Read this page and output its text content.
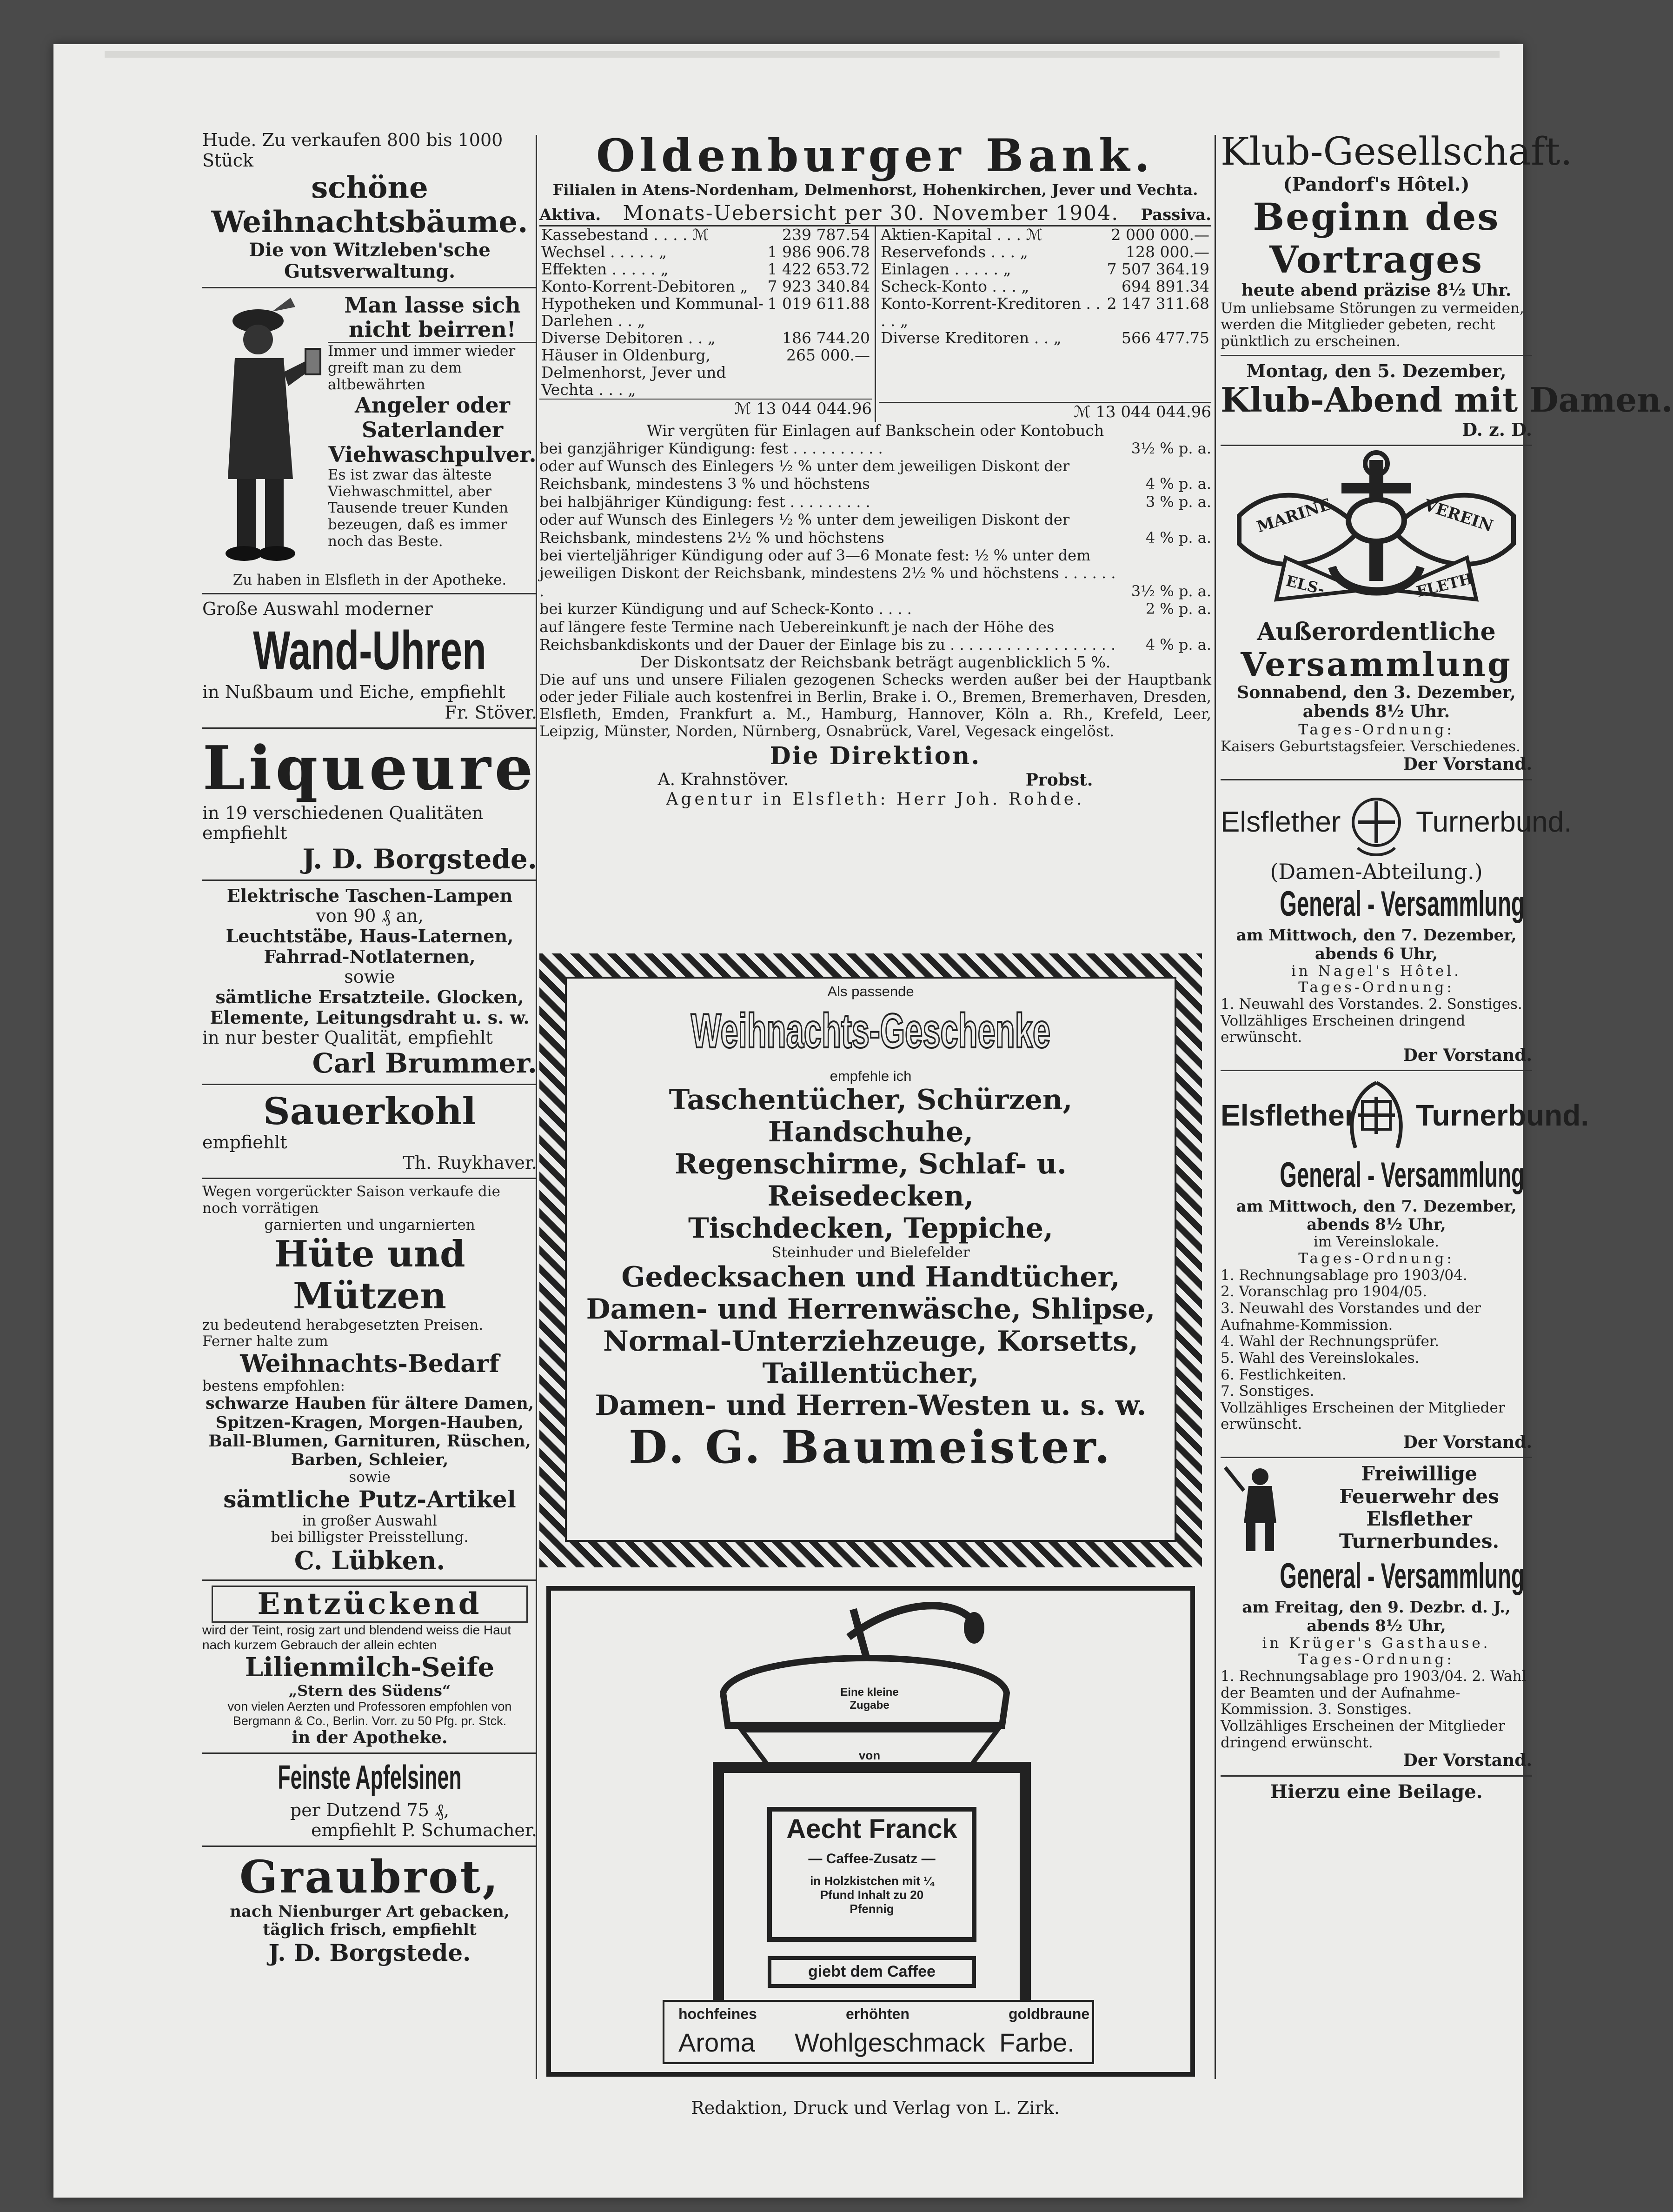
Hude. Zu verkaufen 800 bis 1000 Stück

schöne Weihnachtsbäume.

Die von Witzleben'sche Gutsverwaltung.

Man lasse sich nicht beirren!

Immer und immer wieder greift man zu dem altbewährten

Angeler oder Saterlander Viehwaschpulver.

Es ist zwar das älteste Viehwaschmittel, aber Tausende treuer Kunden bezeugen, daß es immer noch das Beste.

Zu haben in Elsfleth in der Apotheke.

Große Auswahl moderner

Wand-Uhren

in Nußbaum und Eiche, empfiehlt

Fr. Stöver.

Liqueure

in 19 verschiedenen Qualitäten empfiehlt

J. D. Borgstede.

Elektrische Taschen-Lampen

von 90 ₰ an,

Leuchtstäbe, Haus-Laternen, Fahrrad-Notlaternen,

sowie

sämtliche Ersatzteile. Glocken, Elemente, Leitungsdraht u. s. w.

in nur bester Qualität, empfiehlt

Carl Brummer.

Sauerkohl

empfiehlt

Th. Ruykhaver.

Wegen vorgerückter Saison verkaufe die noch vorrätigen

garnierten und ungarnierten

Hüte und Mützen

zu bedeutend herabgesetzten Preisen.

Ferner halte zum

Weihnachts-Bedarf

bestens empfohlen:

schwarze Hauben für ältere Damen, Spitzen-Kragen, Morgen-Hauben, Ball-Blumen, Garnituren, Rüschen, Barben, Schleier,

sowie

sämtliche Putz-Artikel

in großer Auswahl

bei billigster Preisstellung.

C. Lübken.

Entzückend

wird der Teint, rosig zart und blendend weiss die Haut nach kurzem Gebrauch der allein echten

Lilienmilch-Seife

„Stern des Südens“

von vielen Aerzten und Professoren empfohlen von Bergmann & Co., Berlin. Vorr. zu 50 Pfg. pr. Stck.

in der Apotheke.

Feinste Apfelsinen

per Dutzend 75 ₰,

empfiehlt P. Schumacher.

Graubrot,

nach Nienburger Art gebacken, täglich frisch, empfiehlt

J. D. Borgstede.

Oldenburger Bank.

Filialen in Atens-Nordenham, Delmenhorst, Hohenkirchen, Jever und Vechta.

Aktiva. Monats-Uebersicht per 30. November 1904. Passiva.
Kassebestand . . . . ℳ	239 787.54
Wechsel . . . . . „	1 986 906.78
Effekten . . . . . „	1 422 653.72
Konto-Korrent-Debitoren „	7 923 340.84
Hypotheken und Kommunal-Darlehen . . „	1 019 611.88
Diverse Debitoren . . „	186 744.20
Häuser in Oldenburg, Delmenhorst, Jever und Vechta . . . „	265 000.—
ℳ 13 044 044.96
Aktien-Kapital . . . ℳ	2 000 000.—
Reservefonds . . . „	128 000.—
Einlagen . . . . . „	7 507 364.19
Scheck-Konto . . . „	694 891.34
Konto-Korrent-Kreditoren . . . . „	2 147 311.68
Diverse Kreditoren . . „	566 477.75
ℳ 13 044 044.96

Wir vergüten für Einlagen auf Bankschein oder Kontobuch

bei ganzjähriger Kündigung: fest . . . . . . . . . .	3½ % p. a.
oder auf Wunsch des Einlegers ½ % unter dem jeweiligen Diskont der Reichsbank, mindestens 3 % und höchstens	4 % p. a.
bei halbjähriger Kündigung: fest . . . . . . . . .	3 % p. a.
oder auf Wunsch des Einlegers ½ % unter dem jeweiligen Diskont der Reichsbank, mindestens 2½ % und höchstens	4 % p. a.
bei vierteljähriger Kündigung oder auf 3—6 Monate fest: ½ % unter dem jeweiligen Diskont der Reichsbank, mindestens 2½ % und höchstens . . . . . . .	3½ % p. a.
bei kurzer Kündigung und auf Scheck-Konto . . . .	2 % p. a.
auf längere feste Termine nach Uebereinkunft je nach der Höhe des Reichsbankdiskonts und der Dauer der Einlage bis zu . . . . . . . . . . . . . . . . . .	4 % p. a.

Der Diskontsatz der Reichsbank beträgt augenblicklich 5 %.

Die auf uns und unsere Filialen gezogenen Schecks werden außer bei der Hauptbank oder jeder Filiale auch kostenfrei in Berlin, Brake i. O., Bremen, Bremerhaven, Dresden, Elsfleth, Emden, Frankfurt a. M., Hamburg, Hannover, Köln a. Rh., Krefeld, Leer, Leipzig, Münster, Norden, Nürnberg, Osnabrück, Varel, Vegesack eingelöst.

Die Direktion.

A. Krahnstöver.	Probst.

Agentur in Elsfleth: Herr Joh. Rohde.

Als passende

Weihnachts-Geschenke

empfehle ich

Taschentücher, Schürzen, Handschuhe,

Regenschirme, Schlaf- u. Reisedecken,

Tischdecken, Teppiche,

Steinhuder und Bielefelder

Gedecksachen und Handtücher,

Damen- und Herrenwäsche, Shlipse,

Normal-Unterziehzeuge, Korsetts,

Taillentücher,

Damen- und Herren-Westen u. s. w.

D. G. Baumeister.

Eine kleine Zugabe

von

Aecht Franck

— Caffee-Zusatz —

in Holzkistchen mit ¼ Pfund Inhalt zu 20 Pfennig

giebt dem Caffee

hochfeines	erhöhten	goldbraune
Aroma Wohlgeschmack Farbe.

Klub-Gesellschaft.

(Pandorf's Hôtel.)

Beginn des Vortrages

heute abend präzise 8½ Uhr.

Um unliebsame Störungen zu vermeiden, werden die Mitglieder gebeten, recht pünktlich zu erscheinen.

Montag, den 5. Dezember,

Klub-Abend mit Damen.

D. z. D.

MARINE	VEREIN
ELS-	FLETH

Außerordentliche

Versammlung

Sonnabend, den 3. Dezember, abends 8½ Uhr.

Tages-Ordnung:

Kaisers Geburtstagsfeier. Verschiedenes.

Der Vorstand.

Elsflether	Turnerbund.

(Damen-Abteilung.)

General - Versammlung

am Mittwoch, den 7. Dezember, abends 6 Uhr,

in Nagel's Hôtel.

Tages-Ordnung:

1. Neuwahl des Vorstandes. 2. Sonstiges.

Vollzähliges Erscheinen dringend erwünscht.

Der Vorstand.

Elsflether Turnerbund.

General - Versammlung

am Mittwoch, den 7. Dezember, abends 8½ Uhr,

im Vereinslokale.

Tages-Ordnung:

1. Rechnungsablage pro 1903/04.

2. Voranschlag pro 1904/05.

3. Neuwahl des Vorstandes und der Aufnahme-Kommission.

4. Wahl der Rechnungsprüfer.

5. Wahl des Vereinslokales.

6. Festlichkeiten.

7. Sonstiges.

Vollzähliges Erscheinen der Mitglieder erwünscht.

Der Vorstand.

Freiwillige Feuerwehr des Elsflether Turnerbundes.

General - Versammlung

am Freitag, den 9. Dezbr. d. J., abends 8½ Uhr,

in Krüger's Gasthause.

Tages-Ordnung:

1. Rechnungsablage pro 1903/04. 2. Wahl der Beamten und der Aufnahme-Kommission. 3. Sonstiges.

Vollzähliges Erscheinen der Mitglieder dringend erwünscht.

Der Vorstand.

Hierzu eine Beilage.

Redaktion, Druck und Verlag von L. Zirk.
